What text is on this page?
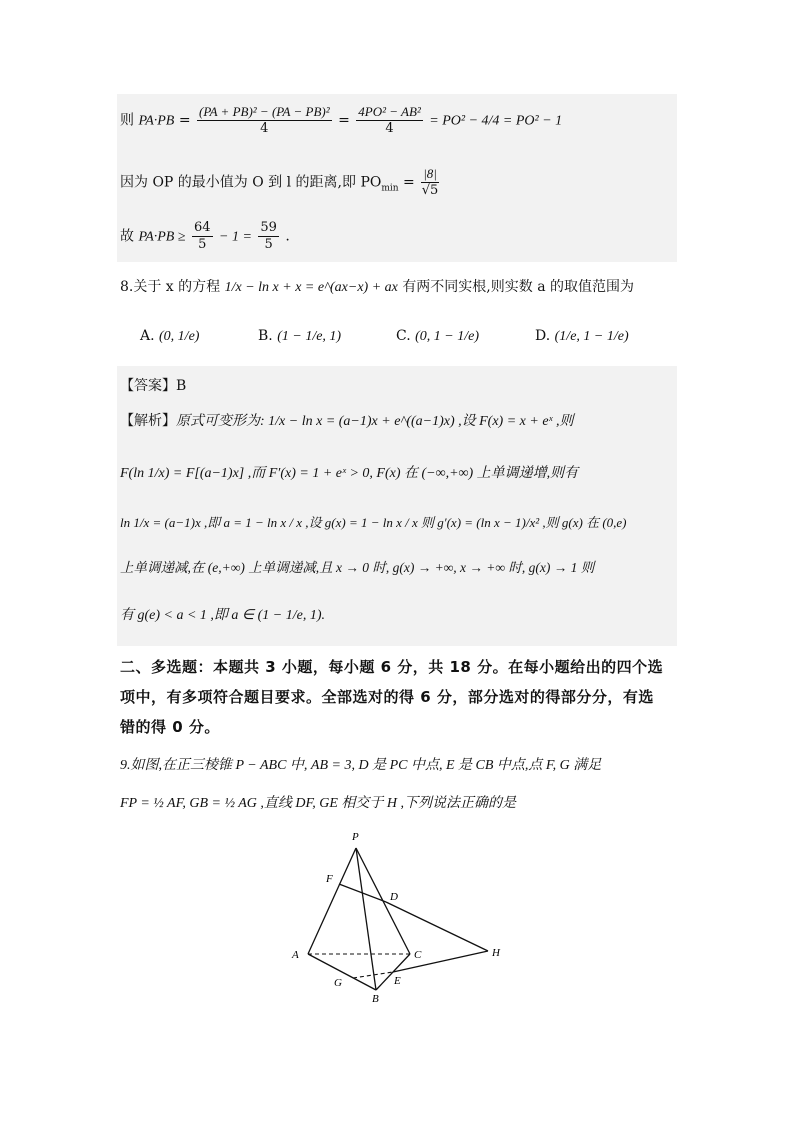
则 $PA\cdot PB = \frac{\text{(PA + PB)² − (PA − PB)²}}{4} = \frac{\text{4PO² − AB²}}{4} = PO^2 - 4/4 = PO^2 - 1$
因为 OP 的最小值为 O 到 l 的距离,即 $PO_{min} = \frac{|8|}{√5}$
故 $PA\cdot PB \ge \frac{64}{5} - 1 = \frac{59}{5}$ .
8.关于 x 的方程 1/x − ln x + x = e^(ax−x) + ax 有两不同实根,则实数 a 的取值范围为
A. (0, 1/e)	B. (1 − 1/e, 1)	C. (0, 1 − 1/e)	D. (1/e, 1 − 1/e)
【答案】B
【解析】原式可变形为: 1/x − ln x = (a−1)x + e^((a−1)x) ,设 F(x) = x + eˣ ,则
F(ln 1/x) = F[(a−1)x] ,而 F′(x) = 1 + eˣ > 0, F(x) 在 (−∞,+∞) 上单调递增,则有
ln 1/x = (a−1)x ,即 a = 1 − ln x / x ,设 g(x) = 1 − ln x / x 则 g′(x) = (ln x − 1)/x² ,则 g(x) 在 (0,e)
上单调递减,在 (e,+∞) 上单调递减,且 x → 0 时, g(x) → +∞, x → +∞ 时, g(x) → 1 则
有 g(e) < a < 1 ,即 a ∈ (1 − 1/e, 1).
二、多选题：本题共 3 小题，每小题 6 分，共 18 分。在每小题给出的四个选
项中，有多项符合题目要求。全部选对的得 6 分，部分选对的得部分分，有选
错的得 0 分。
9.如图,在正三棱锥 P − ABC 中, AB = 3, D 是 PC 中点, E 是 CB 中点,点 F, G 满足
FP = ½ AF, GB = ½ AG ,直线 DF, GE 相交于 H ,下列说法正确的是
P
F
D
A	C	H
G	E
B
